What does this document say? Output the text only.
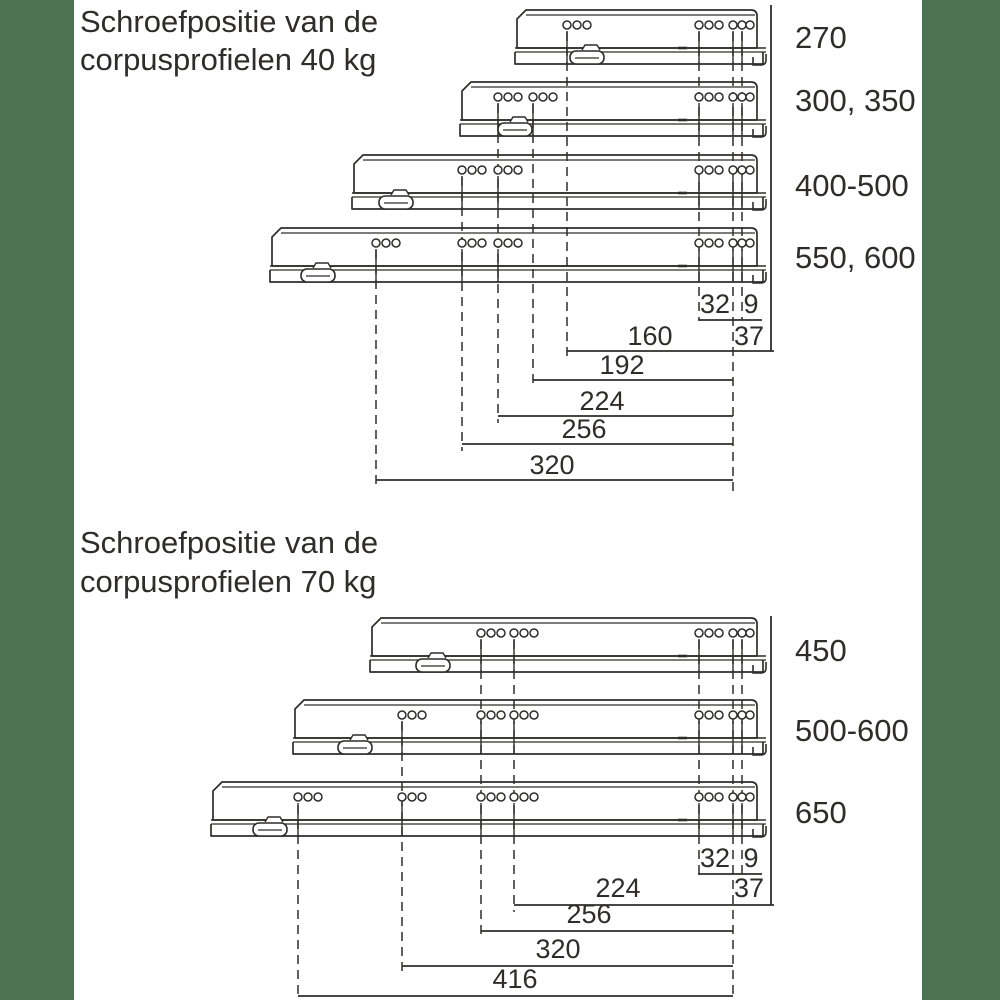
Schroefpositie van de
corpusprofielen 40 kg
Schroefpositie van de
corpusprofielen 70 kg
32 9
160 37
192
224
256
320
32 9
224	37
256
320
416
270
300, 350
400-500
550, 600
450
500-600
650
